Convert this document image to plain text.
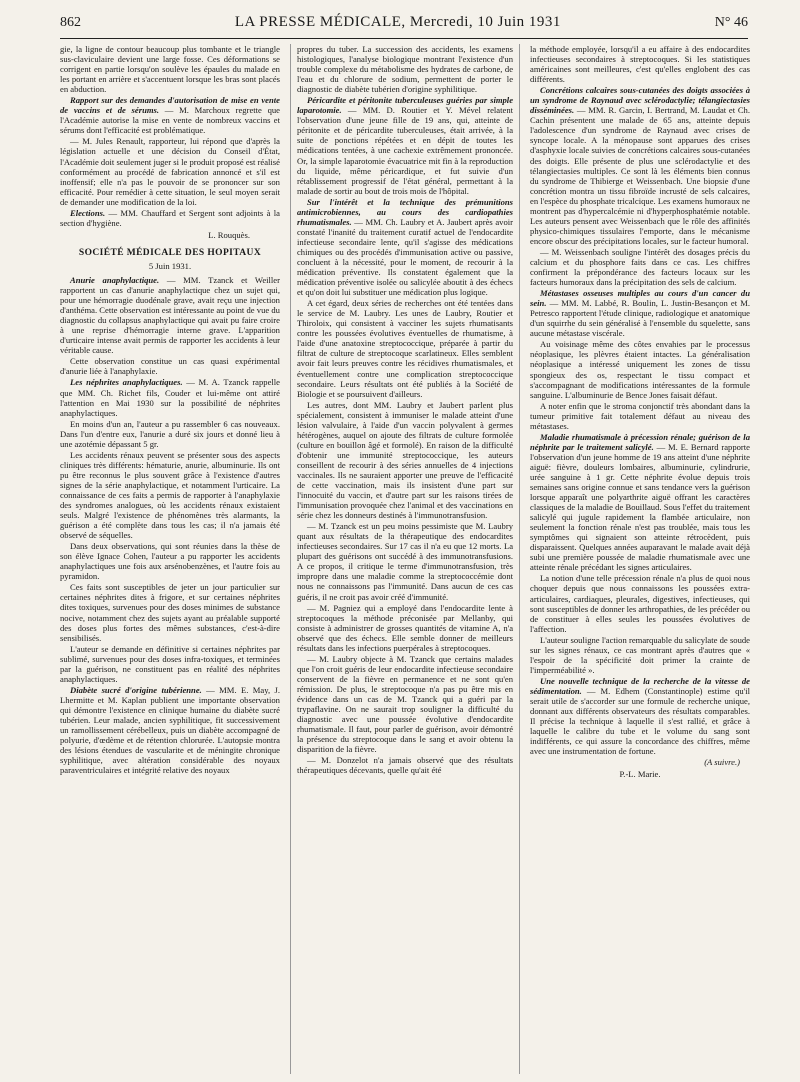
862	LA PRESSE MÉDICALE, Mercredi, 10 Juin 1931	N° 46

gie, la ligne de contour beaucoup plus tombante et le triangle sus-claviculaire devient une large fosse. Ces déformations se corrigent en partie lorsqu'on soulève les épaules du malade en les portant en arrière et s'accentuent lorsque les bras sont placés en abduction.

Rapport sur des demandes d'autorisation de mise en vente de vaccins et de sérums. — M. Marchoux regrette que l'Académie autorise la mise en vente de nombreux vaccins et sérums dont l'efficacité est problématique.

— M. Jules Renault, rapporteur, lui répond que d'après la législation actuelle et une décision du Conseil d'État, l'Académie doit seulement juger si le produit proposé est réalisé conformément au procédé de fabrication annoncé et s'il est inoffensif; elle n'a pas le pouvoir de se prononcer sur son efficacité. Pour remédier à cette situation, le seul moyen serait de demander une modification de la loi.

Elections. — MM. Chauffard et Sergent sont adjoints à la section d'hygiène.

L. Rouquès.
SOCIÉTÉ MÉDICALE DES HOPITAUX
5 Juin 1931.

Anurie anaphylactique. — MM. Tzanck et Weiller rapportent un cas d'anurie anaphylactique chez un sujet qui, pour une hémorragie duodénale grave, avait reçu une injection d'anthéma. Cette observation est intéressante au point de vue du diagnostic du collapsus anaphylactique qui avait pu faire croire à une reprise d'hémorragie interne grave. L'apparition d'urticaire intense avait permis de rapporter les accidents à leur véritable cause.

Cette observation constitue un cas quasi expérimental d'anurie liée à l'anaphylaxie.

Les néphrites anaphylactiques. — M. A. Tzanck rappelle que MM. Ch. Richet fils, Couder et lui-même ont attiré l'attention en Mai 1930 sur la possibilité de néphrites anaphylactiques.

En moins d'un an, l'auteur a pu rassembler 6 cas nouveaux. Dans l'un d'entre eux, l'anurie a duré six jours et donné lieu à une azotémie dépassant 5 gr.

Les accidents rénaux peuvent se présenter sous des aspects cliniques très différents: hématurie, anurie, albuminurie. Ils ont pu être reconnus le plus souvent grâce à l'existence d'autres signes de la série anaphylactique, et notamment l'urticaire. La connaissance de ces faits a permis de rapporter à l'anaphylaxie des syndromes analogues, où les accidents rénaux existaient seuls. Malgré l'existence de phénomènes très alarmants, la guérison a été complète dans tous les cas; il n'a jamais été observé de séquelles.

Dans deux observations, qui sont réunies dans la thèse de son élève Ignace Cohen, l'auteur a pu rapporter les accidents anaphylactiques une fois aux arsénobenzènes, et l'autre fois au pyramidon.

Ces faits sont susceptibles de jeter un jour particulier sur certaines néphrites dites à frigore, et sur certaines néphrites dites toxiques, survenues pour des doses minimes de substance nocive, notamment chez des sujets ayant au préalable supporté des doses plus fortes des mêmes substances, c'est-à-dire sensibilisés.

L'auteur se demande en définitive si certaines néphrites par sublimé, survenues pour des doses infra-toxiques, et terminées par la guérison, ne constituent pas en réalité des néphrites anaphylactiques.

Diabète sucré d'origine tubérienne. — MM. E. May, J. Lhermitte et M. Kaplan publient une importante observation qui démontre l'existence en clinique humaine du diabète sucré tubérien. Leur malade, ancien syphilitique, fit successivement un ramollissement cérébelleux, puis un diabète accompagné de polyurie, d'œdème et de rétention chlorurée. L'autopsie montra des lésions étendues de vascularite et de méningite chronique syphilitique, avec altération considérable des noyaux paraventriculaires et intégrité relative des noyaux

propres du tuber. La succession des accidents, les examens histologiques, l'analyse biologique montrant l'existence d'un trouble complexe du métabolisme des hydrates de carbone, de l'eau et du chlorure de sodium, permettent de porter le diagnostic de diabète tubérien d'origine syphilitique.

Péricardite et péritonite tuberculeuses guéries par simple laparotomie. — MM. D. Routier et Y. Mével relatent l'observation d'une jeune fille de 19 ans, qui, atteinte de péritonite et de péricardite tuberculeuses, était arrivée, à la suite de ponctions répétées et en dépit de toutes les médications tentées, à une cachexie extrêmement prononcée. Or, la simple laparotomie évacuatrice mit fin à la reproduction du liquide, même péricardique, et fut suivie d'un rétablissement progressif de l'état général, permettant à la malade de sortir au bout de trois mois de l'hôpital.

Sur l'intérêt et la technique des prémunitions antimicrobiennes, au cours des cardiopathies rhumatismales. — MM. Ch. Laubry et A. Jaubert après avoir constaté l'inanité du traitement curatif actuel de l'endocardite infectieuse secondaire lente, qu'il s'agisse des médications chimiques ou des procédés d'immunisation active ou passive, concluent à la nécessité, pour le moment, de recourir à la médication préventive. Ils constatent également que la médication préventive isolée ou salicylée aboutit à des échecs et qu'on doit lui substituer une médication plus logique.

A cet égard, deux séries de recherches ont été tentées dans le service de M. Laubry. Les unes de Laubry, Routier et Thiroloix, qui consistent à vacciner les sujets rhumatisants contre les poussées évolutives éventuelles de rhumatisme, à l'aide d'une anatoxine streptococcique, préparée à partir du filtrat de culture de streptocoque scarlatineux. Elles semblent avoir fait leurs preuves contre les récidives rhumatismales, et éventuellement contre une complication streptococcique secondaire. Leurs résultats ont été publiés à la Société de Biologie et se poursuivent d'ailleurs.

Les autres, dont MM. Laubry et Jaubert parlent plus spécialement, consistent à immuniser le malade atteint d'une lésion valvulaire, à l'aide d'un vaccin polyvalent à germes hétérogènes, auquel on ajoute des filtrats de culture formolée (culture en bouillon âgé et formolé). En raison de la difficulté d'obtenir une immunité streptococcique, les auteurs conseillent de recourir à des séries annuelles de 4 injections vaccinales. Ils ne sauraient apporter une preuve de l'efficacité de cette vaccination, mais ils insistent d'une part sur l'innocuité du vaccin, et d'autre part sur les raisons tirées de l'immunisation provoquée chez l'animal et des vaccinations en série chez les donneurs destinés à l'immunotransfusion.

— M. Tzanck est un peu moins pessimiste que M. Laubry quant aux résultats de la thérapeutique des endocardites infectieuses secondaires. Sur 17 cas il n'a eu que 12 morts. La plupart des guérisons ont succédé à des immunotransfusions. A ce propos, il critique le terme d'immunotransfusion, très impropre dans une maladie comme la streptococcémie dont nous ne connaissons pas l'immunité. Dans aucun de ces cas guéris, il ne croit pas avoir créé d'immunité.

— M. Pagniez qui a employé dans l'endocardite lente à streptocoques la méthode préconisée par Mellanby, qui consiste à administrer de grosses quantités de vitamine A, n'a observé que des échecs. Elle semble donner de meilleurs résultats dans les infections puerpérales à streptocoques.

— M. Laubry objecte à M. Tzanck que certains malades que l'on croit guéris de leur endocardite infectieuse secondaire conservent de la fièvre en permanence et ne sont qu'en rémission. De plus, le streptocoque n'a pas pu être mis en évidence dans un cas de M. Tzanck qui a guéri par la trypaflavine. On ne saurait trop souligner la difficulté du diagnostic avec une poussée évolutive d'endocardite rhumatismale. Il faut, pour parler de guérison, avoir démontré la présence du streptocoque dans le sang et avoir obtenu la disparition de la fièvre.

— M. Donzelot n'a jamais observé que des résultats thérapeutiques décevants, quelle qu'ait été

la méthode employée, lorsqu'il a eu affaire à des endocardites infectieuses secondaires à streptocoques. Si les statistiques américaines sont meilleures, c'est qu'elles englobent des cas différents.

Concrétions calcaires sous-cutanées des doigts associées à un syndrome de Raynaud avec sclérodactylie; télangiectasies disséminées. — MM. R. Garcin, I. Bertrand, M. Laudat et Ch. Cachin présentent une malade de 65 ans, atteinte depuis l'adolescence d'un syndrome de Raynaud avec crises de syncope locale. A la ménopause sont apparues des crises d'asphyxie locale suivies de concrétions calcaires sous-cutanées des doigts. Elle présente de plus une sclérodactylie et des télangiectasies multiples. Ce sont là les éléments bien connus du syndrome de Thibierge et Weissenbach. Une biopsie d'une concrétion montra un tissu fibroïde incrusté de sels calcaires, en l'espèce du phosphate tricalcique. Les examens humoraux ne montrent pas d'hypercalcémie ni d'hyperphosphatémie notable. Les auteurs pensent avec Weissenbach que le rôle des affinités physico-chimiques tissulaires l'emporte, dans le mécanisme encore obscur des précipitations locales, sur le facteur humoral.

— M. Weissenbach souligne l'intérêt des dosages précis du calcium et du phosphore faits dans ce cas. Les chiffres confirment la prépondérance des facteurs locaux sur les facteurs humoraux dans la précipitation des sels de calcium.

Métastases osseuses multiples au cours d'un cancer du sein. — MM. M. Labbé, R. Boulin, L. Justin-Besançon et M. Petresco rapportent l'étude clinique, radiologique et anatomique d'un squirrhe du sein généralisé à l'ensemble du squelette, sans aucune métastase viscérale.

Au voisinage même des côtes envahies par le processus néoplasique, les plèvres étaient intactes. La généralisation néoplasique a intéressé uniquement les zones de tissu spongieux des os, respectant le tissu compact et s'accompagnant de modifications intéressantes de la formule sanguine. L'albuminurie de Bence Jones faisait défaut.

A noter enfin que le stroma conjonctif très abondant dans la tumeur primitive fait totalement défaut au niveau des métastases.

Maladie rhumatismale à précession rénale; guérison de la néphrite par le traitement salicylé. — M. E. Bernard rapporte l'observation d'un jeune homme de 19 ans atteint d'une néphrite aiguë: fièvre, douleurs lombaires, albuminurie, cylindrurie, urée sanguine à 1 gr. Cette néphrite évolue depuis trois semaines sans origine connue et sans tendance vers la guérison lorsque apparaît une polyarthrite aiguë offrant les caractères classiques de la maladie de Bouillaud. Sous l'effet du traitement salicylé qui jugule rapidement la flambée articulaire, non seulement la fonction rénale n'est pas troublée, mais tous les symptômes qui signaient son atteinte rétrocèdent, puis disparaissent. Quelques années auparavant le malade avait déjà subi une première poussée de maladie rhumatismale avec une atteinte rénale précédant les signes articulaires.

La notion d'une telle précession rénale n'a plus de quoi nous choquer depuis que nous connaissons les poussées extra-articulaires, cardiaques, pleurales, digestives, infectieuses, qui sont susceptibles de donner les arthropathies, de les précéder ou de constituer à elles seules les poussées évolutives de l'affection.

L'auteur souligne l'action remarquable du salicylate de soude sur les signes rénaux, ce cas montrant après d'autres que « l'espoir de la spécificité doit primer la crainte de l'imperméabilité ».

Une nouvelle technique de la recherche de la vitesse de sédimentation. — M. Edhem (Constantinople) estime qu'il serait utile de s'accorder sur une formule de recherche unique, donnant aux différents observateurs des résultats comparables. Il précise la technique à laquelle il s'est rallié, et grâce à laquelle le calibre du tube et le volume du sang sont indifférents, ce qui assure la concordance des chiffres, même avec une instrumentation de fortune.

(A suivre.)
P.-L. Marie.
